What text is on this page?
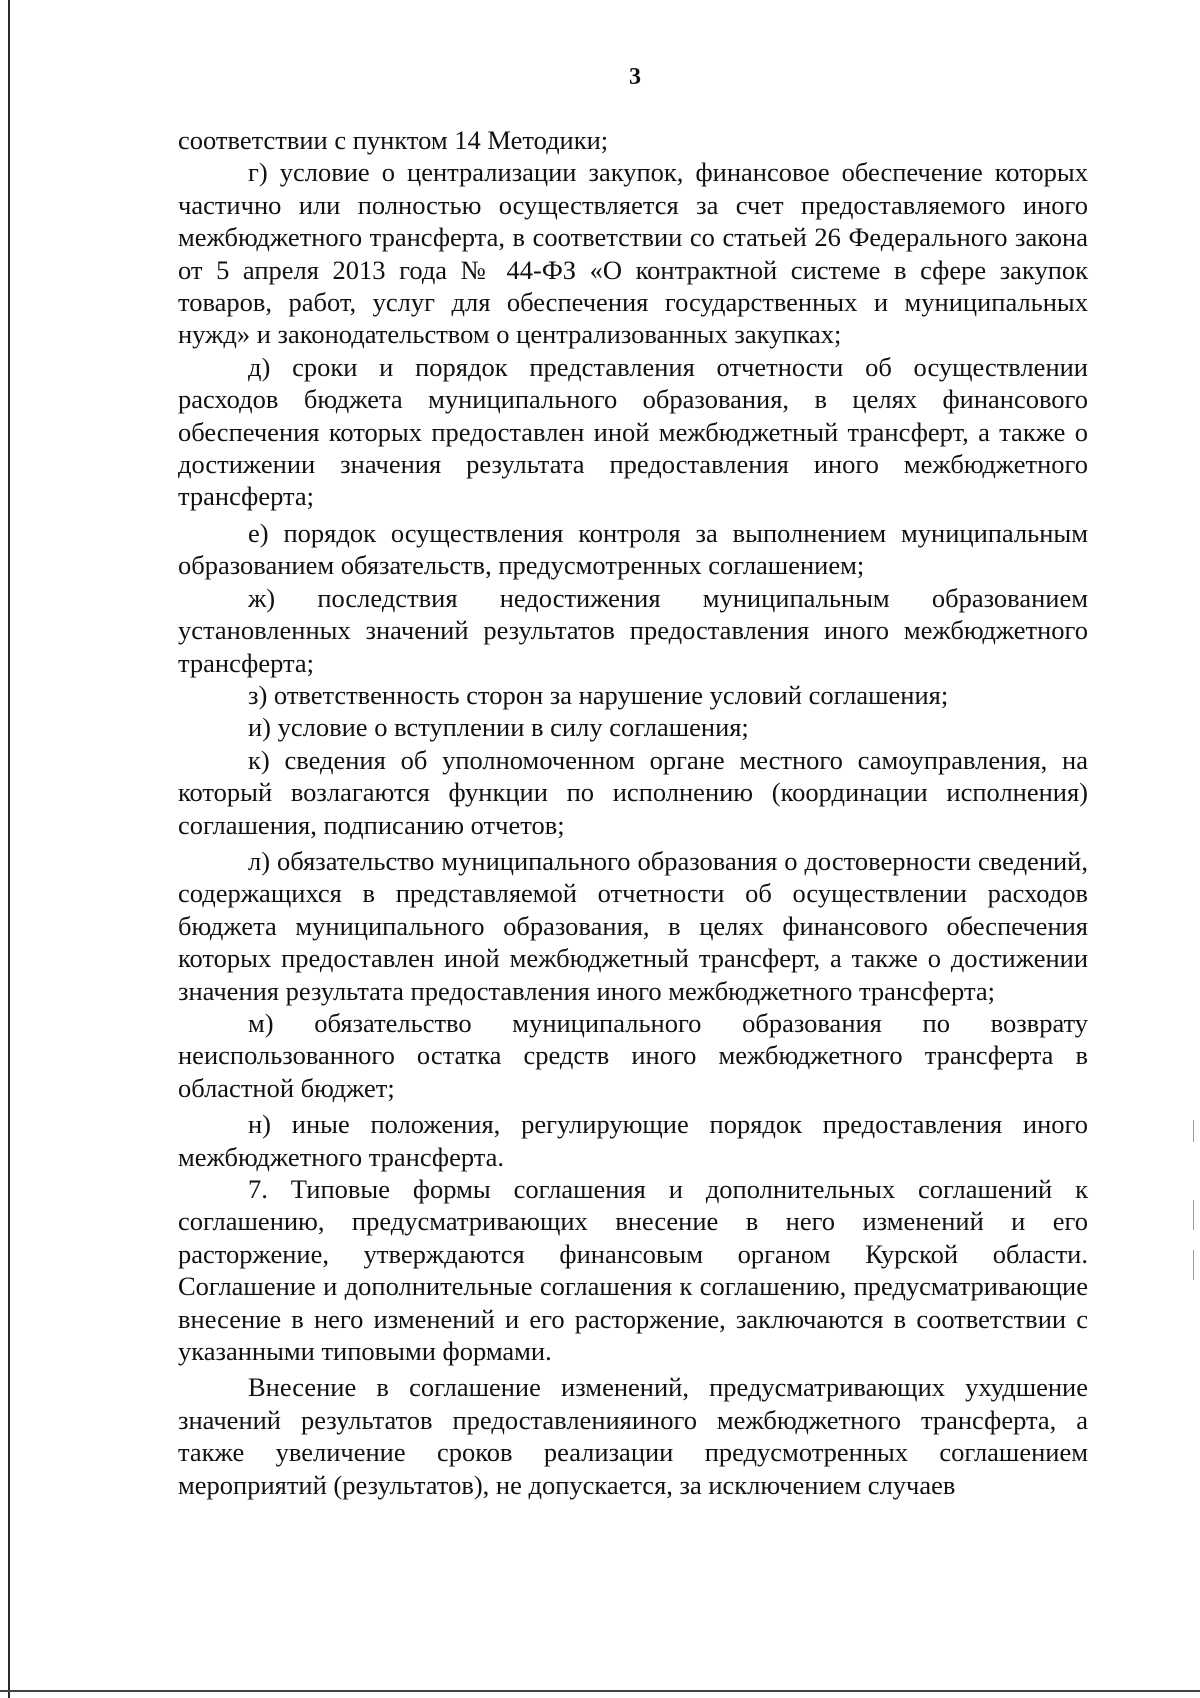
3

соответствии с пунктом 14 Методики;

г) условие о централизации закупок, финансовое обеспечение которых частично или полностью осуществляется за счет предоставляемого иного межбюджетного трансферта, в соответствии со статьей 26 Федерального закона от 5 апреля 2013 года № 44-ФЗ «О контрактной системе в сфере закупок товаров, работ, услуг для обеспечения государственных и муниципальных нужд» и законодательством о централизованных закупках;

д) сроки и порядок представления отчетности об осуществлении расходов бюджета муниципального образования, в целях финансового обеспечения которых предоставлен иной межбюджетный трансферт, а также о достижении значения результата предоставления иного межбюджетного трансферта;

е) порядок осуществления контроля за выполнением муниципальным образованием обязательств, предусмотренных соглашением;

ж) последствия недостижения муниципальным образованием установленных значений результатов предоставления иного межбюджетного трансферта;

з) ответственность сторон за нарушение условий соглашения;

и) условие о вступлении в силу соглашения;

к) сведения об уполномоченном органе местного самоуправления, на который возлагаются функции по исполнению (координации исполнения) соглашения, подписанию отчетов;

л) обязательство муниципального образования о достоверности сведений, содержащихся в представляемой отчетности об осуществлении расходов бюджета муниципального образования, в целях финансового обеспечения которых предоставлен иной межбюджетный трансферт, а также о достижении значения результата предоставления иного межбюджетного трансферта;

м) обязательство муниципального образования по возврату неиспользованного остатка средств иного межбюджетного трансферта в областной бюджет;

н) иные положения, регулирующие порядок предоставления иного межбюджетного трансферта.

7. Типовые формы соглашения и дополнительных соглашений к соглашению, предусматривающих внесение в него изменений и его расторжение, утверждаются финансовым органом Курской области. Соглашение и дополнительные соглашения к соглашению, предусматривающие внесение в него изменений и его расторжение, заключаются в соответствии с указанными типовыми формами.

Внесение в соглашение изменений, предусматривающих ухудшение значений результатов предоставленияиного межбюджетного трансферта, а также увеличение сроков реализации предусмотренных соглашением мероприятий (результатов), не допускается, за исключением случаев
